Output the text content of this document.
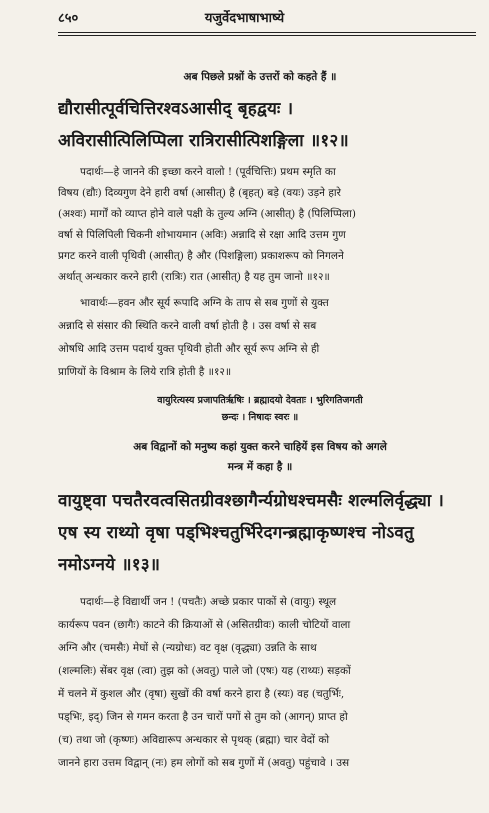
८५०	यजुर्वेदभाषाभाष्ये
अब पिछले प्रश्नों के उत्तरों को कहते हैं ॥
द्यौरासीत्पूर्वचित्तिरश्वऽआसीद् बृहद्वयः ।
अविरासीत्पिलिप्पिला रात्रिरासीत्पिशङ्गिला ॥१२॥
पदार्थः—हे जानने की इच्छा करने वालो ! (पूर्वचित्तिः) प्रथम स्मृति का
विषय (द्यौः) दिव्यगुण देने हारी वर्षा (आसीत्) है (बृहत्) बड़े (वयः) उड़ने हारे
(अश्वः) मार्गों को व्याप्त होने वाले पक्षी के तुल्य अग्नि (आसीत्) है (पिलिप्पिला)
वर्षा से पिलिपिली चिकनी शोभायमान (अविः) अन्नादि से रक्षा आदि उत्तम गुण
प्रगट करने वाली पृथिवी (आसीत्) है और (पिशङ्गिला) प्रकाशरूप को निगलने
अर्थात् अन्धकार करने हारी (रात्रिः) रात (आसीत्) है यह तुम जानो ॥१२॥
भावार्थः—हवन और सूर्य रूपादि अग्नि के ताप से सब गुणों से युक्त
अन्नादि से संसार की स्थिति करने वाली वर्षा होती है । उस वर्षा से सब
ओषधि आदि उत्तम पदार्थ युक्त पृथिवी होती और सूर्य रूप अग्नि से ही
प्राणियों के विश्राम के लिये रात्रि होती है ॥१२॥
वायुरित्यस्य प्रजापतिर्ऋषिः । ब्रह्मादयो देवताः । भुरिगतिजगती
छन्दः । निषादः स्वरः ॥
अब विद्वानों को मनुष्य कहां युक्त करने चाहियें इस विषय को अगले
मन्त्र में कहा है ॥
वायुष्ट्वा पचतैरवत्वसितग्रीवश्छागैर्न्यग्रोधश्चमसैः शल्मलिर्वृद्ध्या ।
एष स्य राथ्यो वृषा पड्भिश्चतुर्भिरेदगन्ब्रह्माकृष्णश्च नोऽवतु
नमोऽग्नये ॥१३॥
पदार्थः—हे विद्यार्थी जन ! (पचतैः) अच्छे प्रकार पाकों से (वायुः) स्थूल
कार्यरूप पवन (छागैः) काटने की क्रियाओं से (असितग्रीवः) काली चोटियों वाला
अग्नि और (चमसैः) मेघों से (न्यग्रोधः) वट वृक्ष (वृद्ध्या) उन्नति के साथ
(शल्मलिः) सेंबर वृक्ष (त्वा) तुझ को (अवतु) पाले जो (एषः) यह (राथ्यः) सड़कों
में चलने में कुशल और (वृषा) सुखों की वर्षा करने हारा है (स्यः) वह (चतुर्भिः,
पड्भिः, इद्) जिन से गमन करता है उन चारों पगों से तुम को (आगन्) प्राप्त हो
(च) तथा जो (कृष्णः) अविद्यारूप अन्धकार से पृथक् (ब्रह्मा) चार वेदों को
जानने हारा उत्तम विद्वान् (नः) हम लोगों को सब गुणों में (अवतु) पहुंचावे । उस
